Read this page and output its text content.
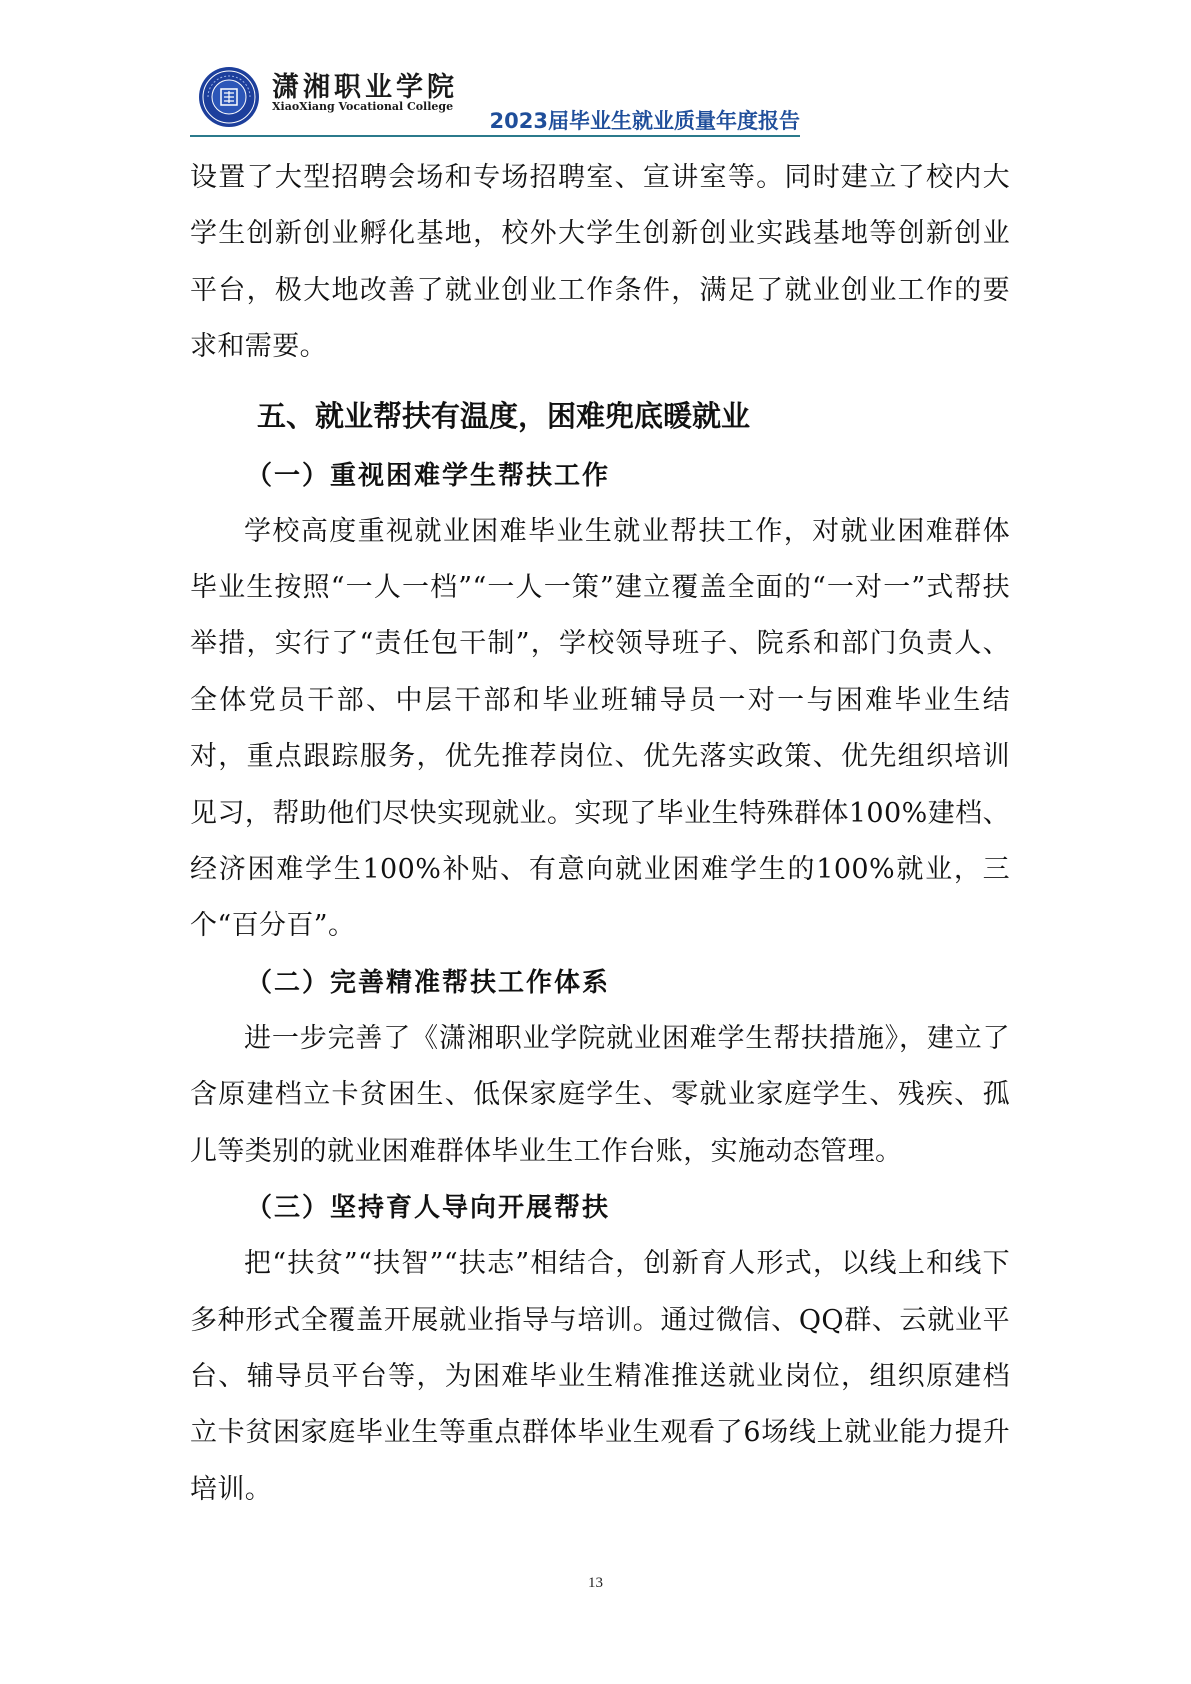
潇湘职业学院
XiaoXiang Vocational College
2023届毕业生就业质量年度报告

设置了大型招聘会场和专场招聘室、宣讲室等。同时建立了校内大学生创新创业孵化基地，校外大学生创新创业实践基地等创新创业平台，极大地改善了就业创业工作条件，满足了就业创业工作的要求和需要。

五、就业帮扶有温度，困难兜底暖就业
（一）重视困难学生帮扶工作

学校高度重视就业困难毕业生就业帮扶工作，对就业困难群体毕业生按照“一人一档”“一人一策”建立覆盖全面的“一对一”式帮扶举措，实行了“责任包干制”，学校领导班子、院系和部门负责人、全体党员干部、中层干部和毕业班辅导员一对一与困难毕业生结对，重点跟踪服务，优先推荐岗位、优先落实政策、优先组织培训见习，帮助他们尽快实现就业。实现了毕业生特殊群体100%建档、经济困难学生100%补贴、有意向就业困难学生的100%就业，三个“百分百”。

（二）完善精准帮扶工作体系

进一步完善了《潇湘职业学院就业困难学生帮扶措施》，建立了含原建档立卡贫困生、低保家庭学生、零就业家庭学生、残疾、孤儿等类别的就业困难群体毕业生工作台账，实施动态管理。

（三）坚持育人导向开展帮扶

把“扶贫”“扶智”“扶志”相结合，创新育人形式，以线上和线下多种形式全覆盖开展就业指导与培训。通过微信、QQ群、云就业平台、辅导员平台等，为困难毕业生精准推送就业岗位，组织原建档立卡贫困家庭毕业生等重点群体毕业生观看了6场线上就业能力提升培训。

13
